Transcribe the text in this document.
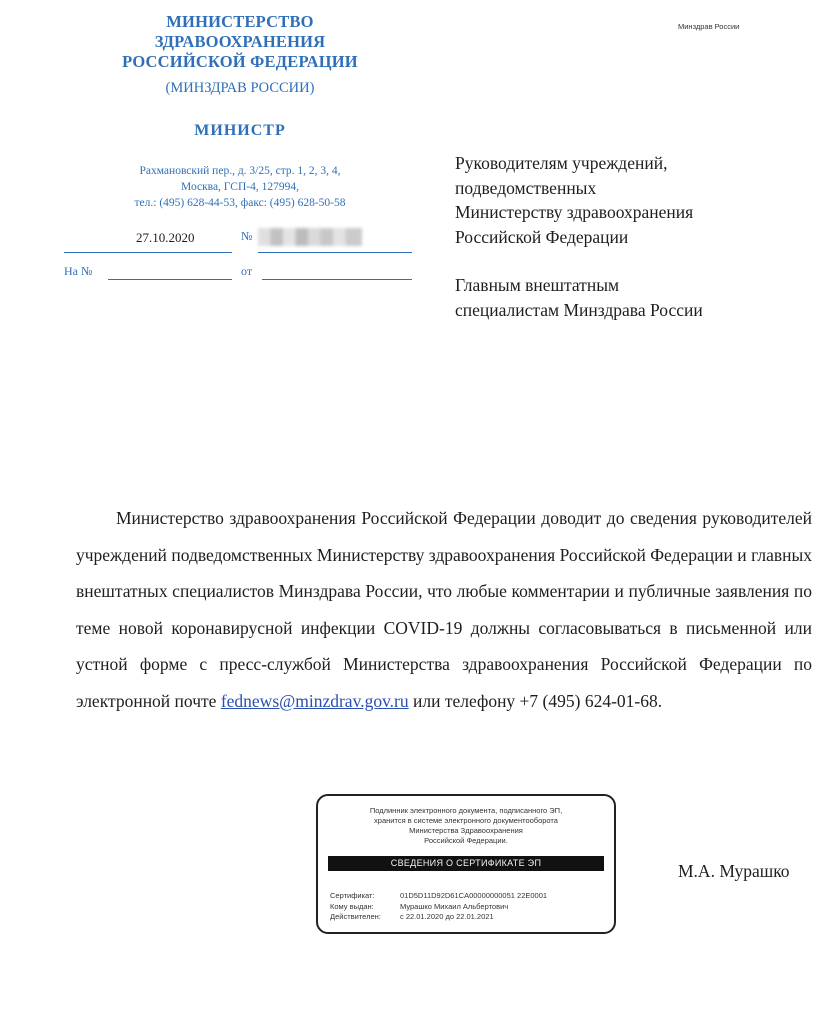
МИНИСТЕРСТВО
ЗДРАВООХРАНЕНИЯ
РОССИЙСКОЙ ФЕДЕРАЦИИ
(МИНЗДРАВ РОССИИ)
МИНИСТР
Рахмановский пер., д. 3/25, стр. 1, 2, 3, 4,
Москва, ГСП-4, 127994,
тел.: (495) 628-44-53, факс: (495) 628-50-58
27.10.2020	№
На №	от
Минздрав России
Руководителям учреждений,
подведомственных
Министерству здравоохранения
Российской Федерации
Главным внештатным
специалистам Минздрава России

Министерство здравоохранения Российской Федерации доводит до сведения руководителей учреждений подведомственных Министерству здравоохранения Российской Федерации и главных внештатных специалистов Минздрава России, что любые комментарии и публичные заявления по теме новой коронавирусной инфекции COVID-19 должны согласовываться в письменной или устной форме с пресс-службой Министерства здравоохранения Российской Федерации по электронной почте fednews@minzdrav.gov.ru или телефону +7 (495) 624-01-68.

Подлинник электронного документа, подписанного ЭП,
хранится в системе электронного документооборота
Министерства Здравоохранения
Российской Федерации.
СВЕДЕНИЯ О СЕРТИФИКАТЕ ЭП
Сертификат:	01D5D11D92D61CA00000000051 22E0001
Кому выдан:	Мурашко Михаил Альбертович
Действителен:	с 22.01.2020 до 22.01.2021
М.А. Мурашко
